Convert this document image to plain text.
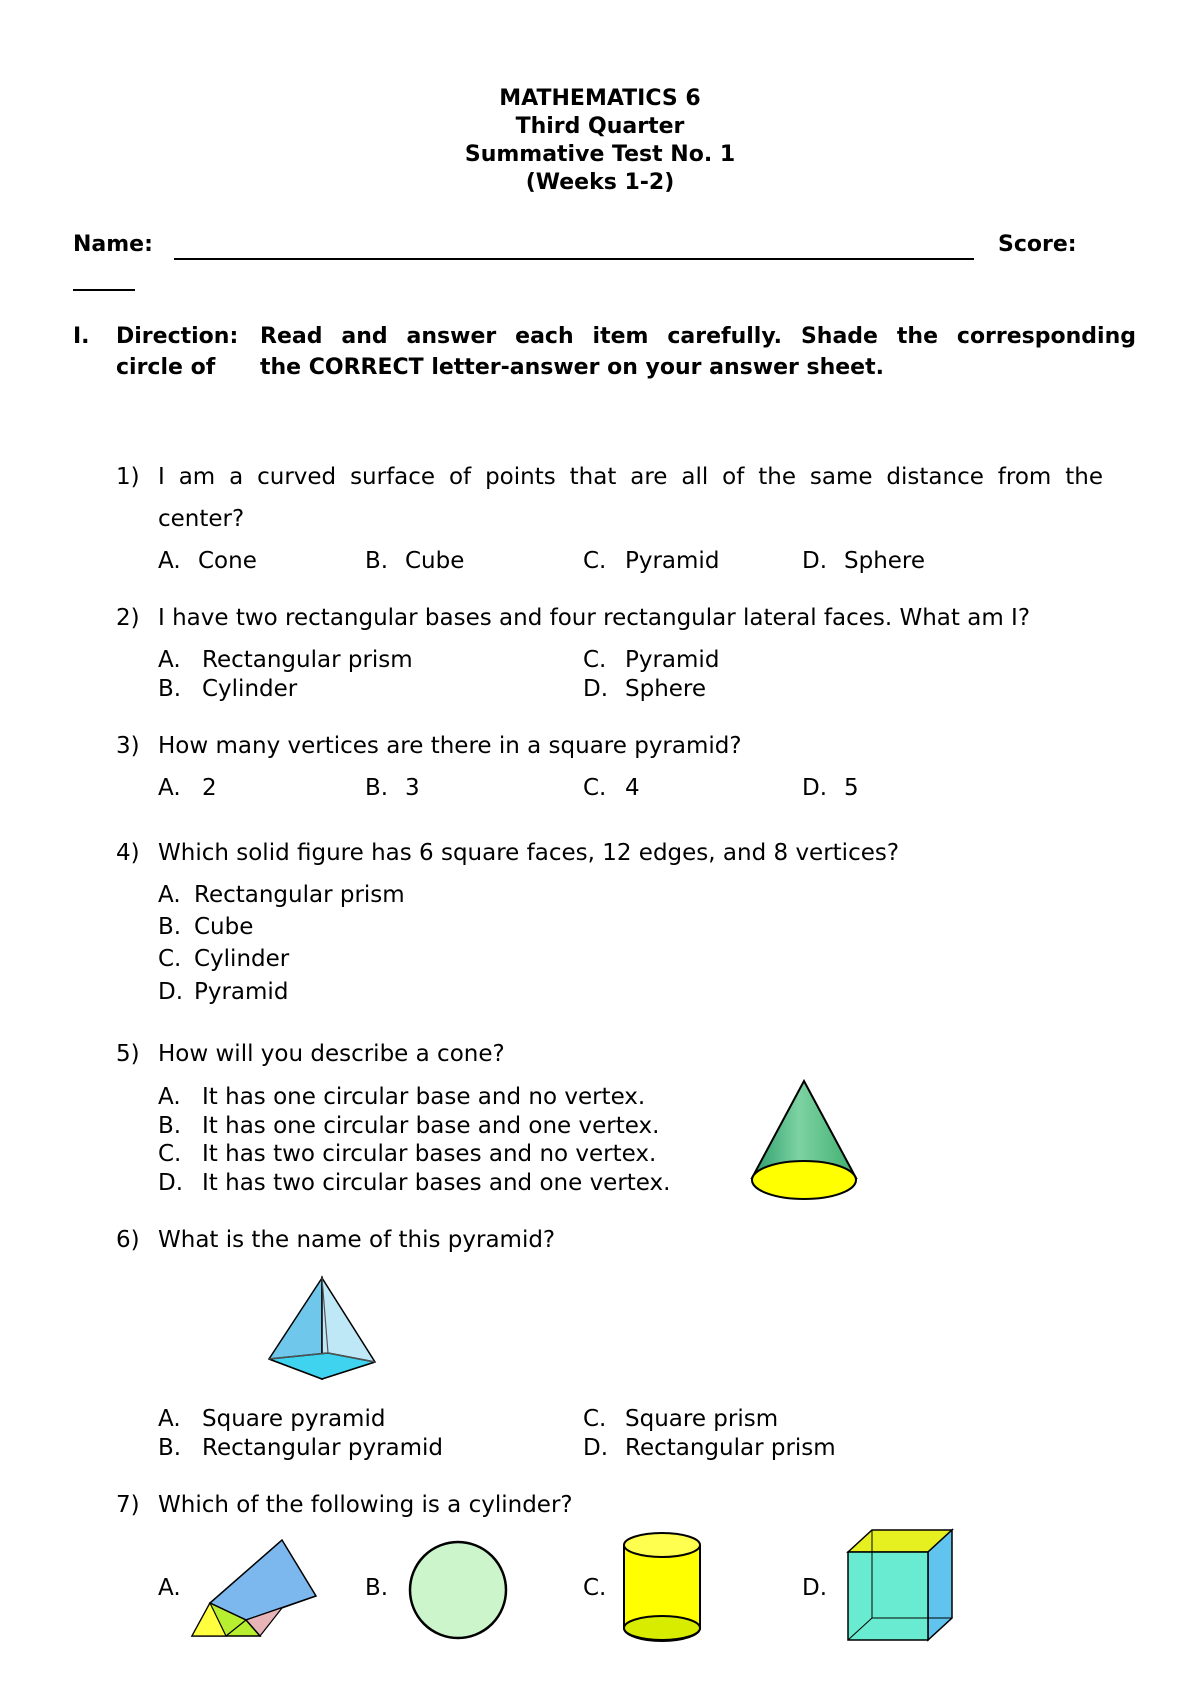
MATHEMATICS 6
Third Quarter
Summative Test No. 1
(Weeks 1-2)
Name:	Score:
I. Direction: Read and answer each item carefully. Shade the corresponding
circle of the CORRECT letter-answer on your answer sheet.
1) I am a curved surface of points that are all of the same distance from the
center?
A. Cone	B. Cube	C. Pyramid	D. Sphere
2) I have two rectangular bases and four rectangular lateral faces. What am I?
A. Rectangular prism	C. Pyramid
B. Cylinder	D. Sphere
3) How many vertices are there in a square pyramid?
A. 2	B. 3	C. 4	D. 5
4) Which solid figure has 6 square faces, 12 edges, and 8 vertices?
A. Rectangular prism
B. Cube
C. Cylinder
D. Pyramid
5) How will you describe a cone?
A. It has one circular base and no vertex.
B. It has one circular base and one vertex.
C. It has two circular bases and no vertex.
D. It has two circular bases and one vertex.
6) What is the name of this pyramid?
A. Square pyramid	C. Square prism
B. Rectangular pyramid	D. Rectangular prism
7) Which of the following is a cylinder?
A.	B.	C.	D.
